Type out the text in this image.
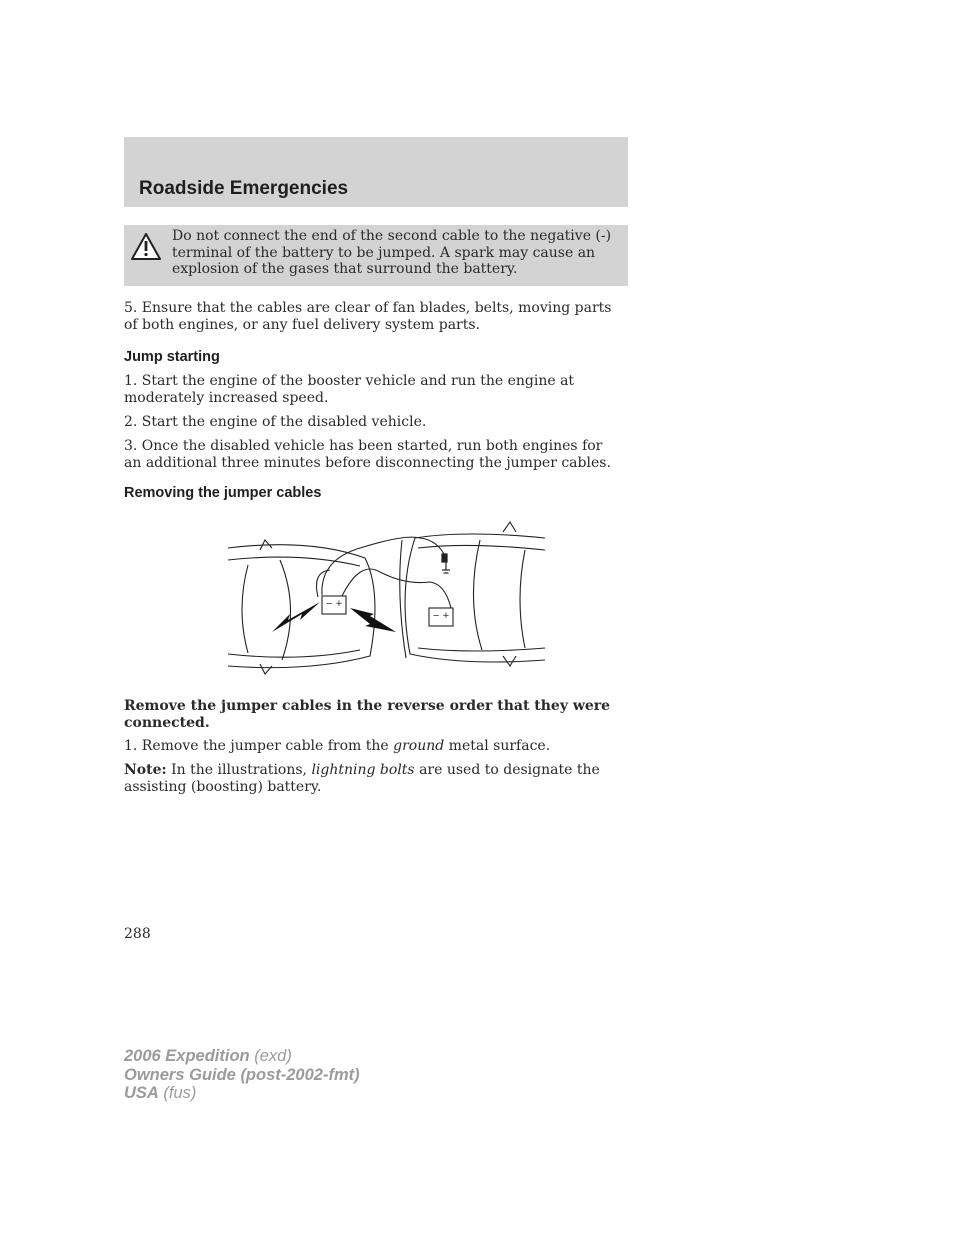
Roadside Emergencies
Do not connect the end of the second cable to the negative (-) terminal of the battery to be jumped. A spark may cause an explosion of the gases that surround the battery.

5. Ensure that the cables are clear of fan blades, belts, moving parts of both engines, or any fuel delivery system parts.

Jump starting

1. Start the engine of the booster vehicle and run the engine at moderately increased speed.

2. Start the engine of the disabled vehicle.

3. Once the disabled vehicle has been started, run both engines for an additional three minutes before disconnecting the jumper cables.

Removing the jumper cables
− +
− +

Remove the jumper cables in the reverse order that they were connected.

1. Remove the jumper cable from the ground metal surface.

Note: In the illustrations, lightning bolts are used to designate the assisting (boosting) battery.

288

2006 Expedition (exd)
Owners Guide (post-2002-fmt)
USA (fus)
